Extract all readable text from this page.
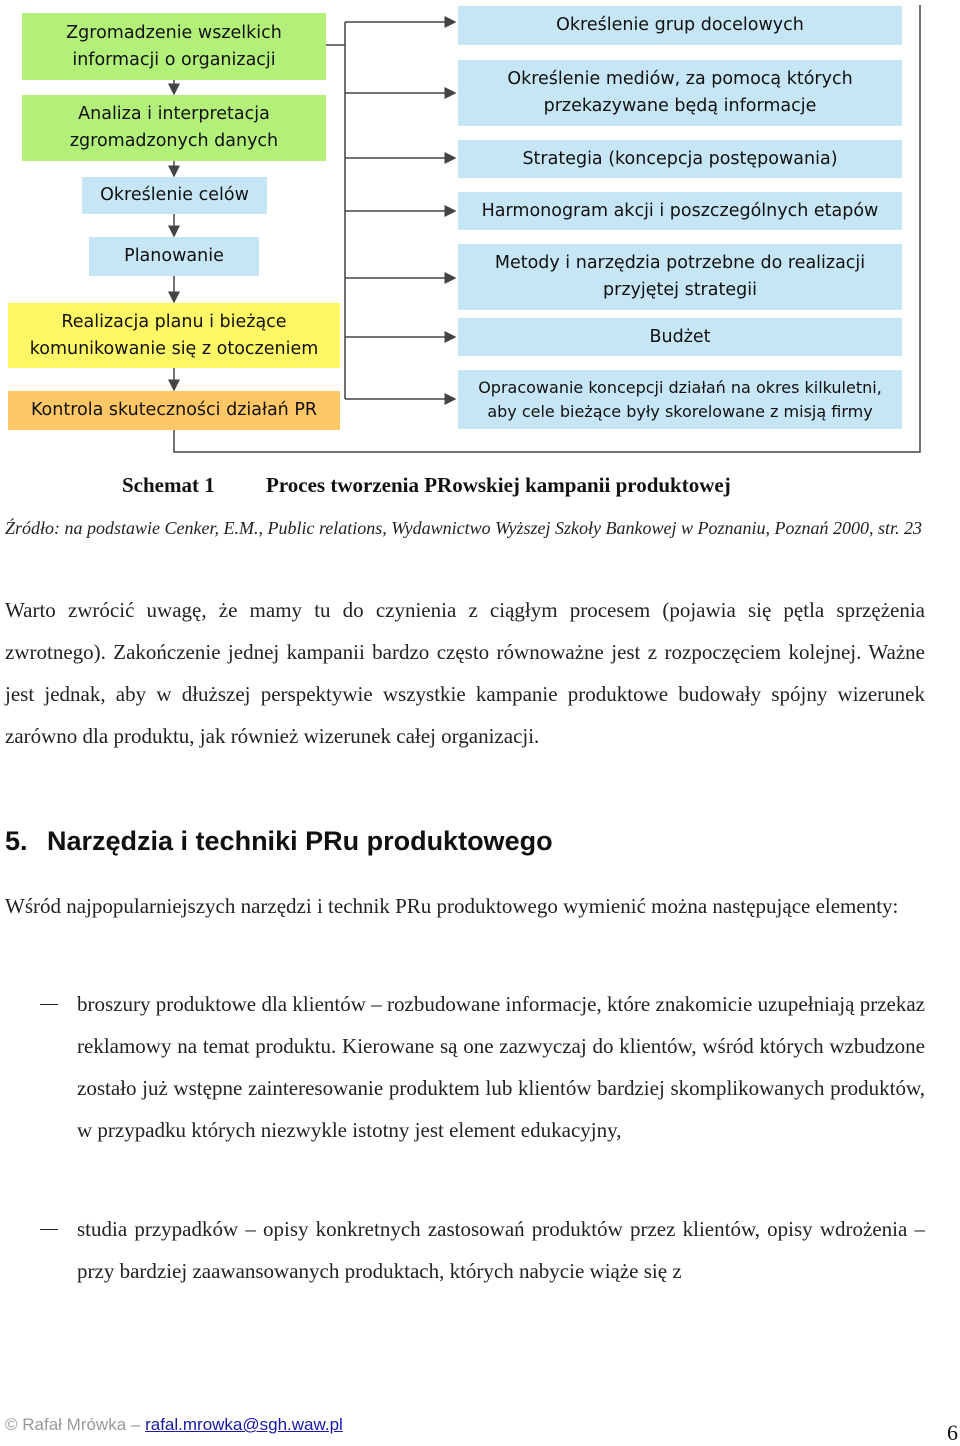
Zgromadzenie wszelkich
informacji o organizacji
Analiza i interpretacja
zgromadzonych danych
Określenie celów
Planowanie
Realizacja planu i bieżące
komunikowanie się z otoczeniem
Kontrola skuteczności działań PR
Określenie grup docelowych
Określenie mediów, za pomocą których
przekazywane będą informacje
Strategia (koncepcja postępowania)
Harmonogram akcji i poszczególnych etapów
Metody i narzędzia potrzebne do realizacji
przyjętej strategii
Budżet
Opracowanie koncepcji działań na okres kilkuletni,
aby cele bieżące były skorelowane z misją firmy
Schemat 1 Proces tworzenia PRowskiej kampanii produktowej
Źródło: na podstawie Cenker, E.M., Public relations, Wydawnictwo Wyższej Szkoły Bankowej w Poznaniu, Poznań 2000, str. 23

Warto zwrócić uwagę, że mamy tu do czynienia z ciągłym procesem (pojawia się pętla sprzężenia zwrotnego). Zakończenie jednej kampanii bardzo często równoważne jest z rozpoczęciem kolejnej. Ważne jest jednak, aby w dłuższej perspektywie wszystkie kampanie produktowe budowały spójny wizerunek zarówno dla produktu, jak również wizerunek całej organizacji.

5. Narzędzia i techniki PRu produktowego

Wśród najpopularniejszych narzędzi i technik PRu produktowego wymienić można następujące elementy:

broszury produktowe dla klientów – rozbudowane informacje, które znakomicie uzupełniają przekaz reklamowy na temat produktu. Kierowane są one zazwyczaj do klientów, wśród których wzbudzone zostało już wstępne zainteresowanie produktem lub klientów bardziej skomplikowanych produktów, w przypadku których niezwykle istotny jest element edukacyjny,

studia przypadków – opisy konkretnych zastosowań produktów przez klientów, opisy wdrożenia – przy bardziej zaawansowanych produktach, których nabycie wiąże się z

© Rafał Mrówka – rafal.mrowka@sgh.waw.pl	6
